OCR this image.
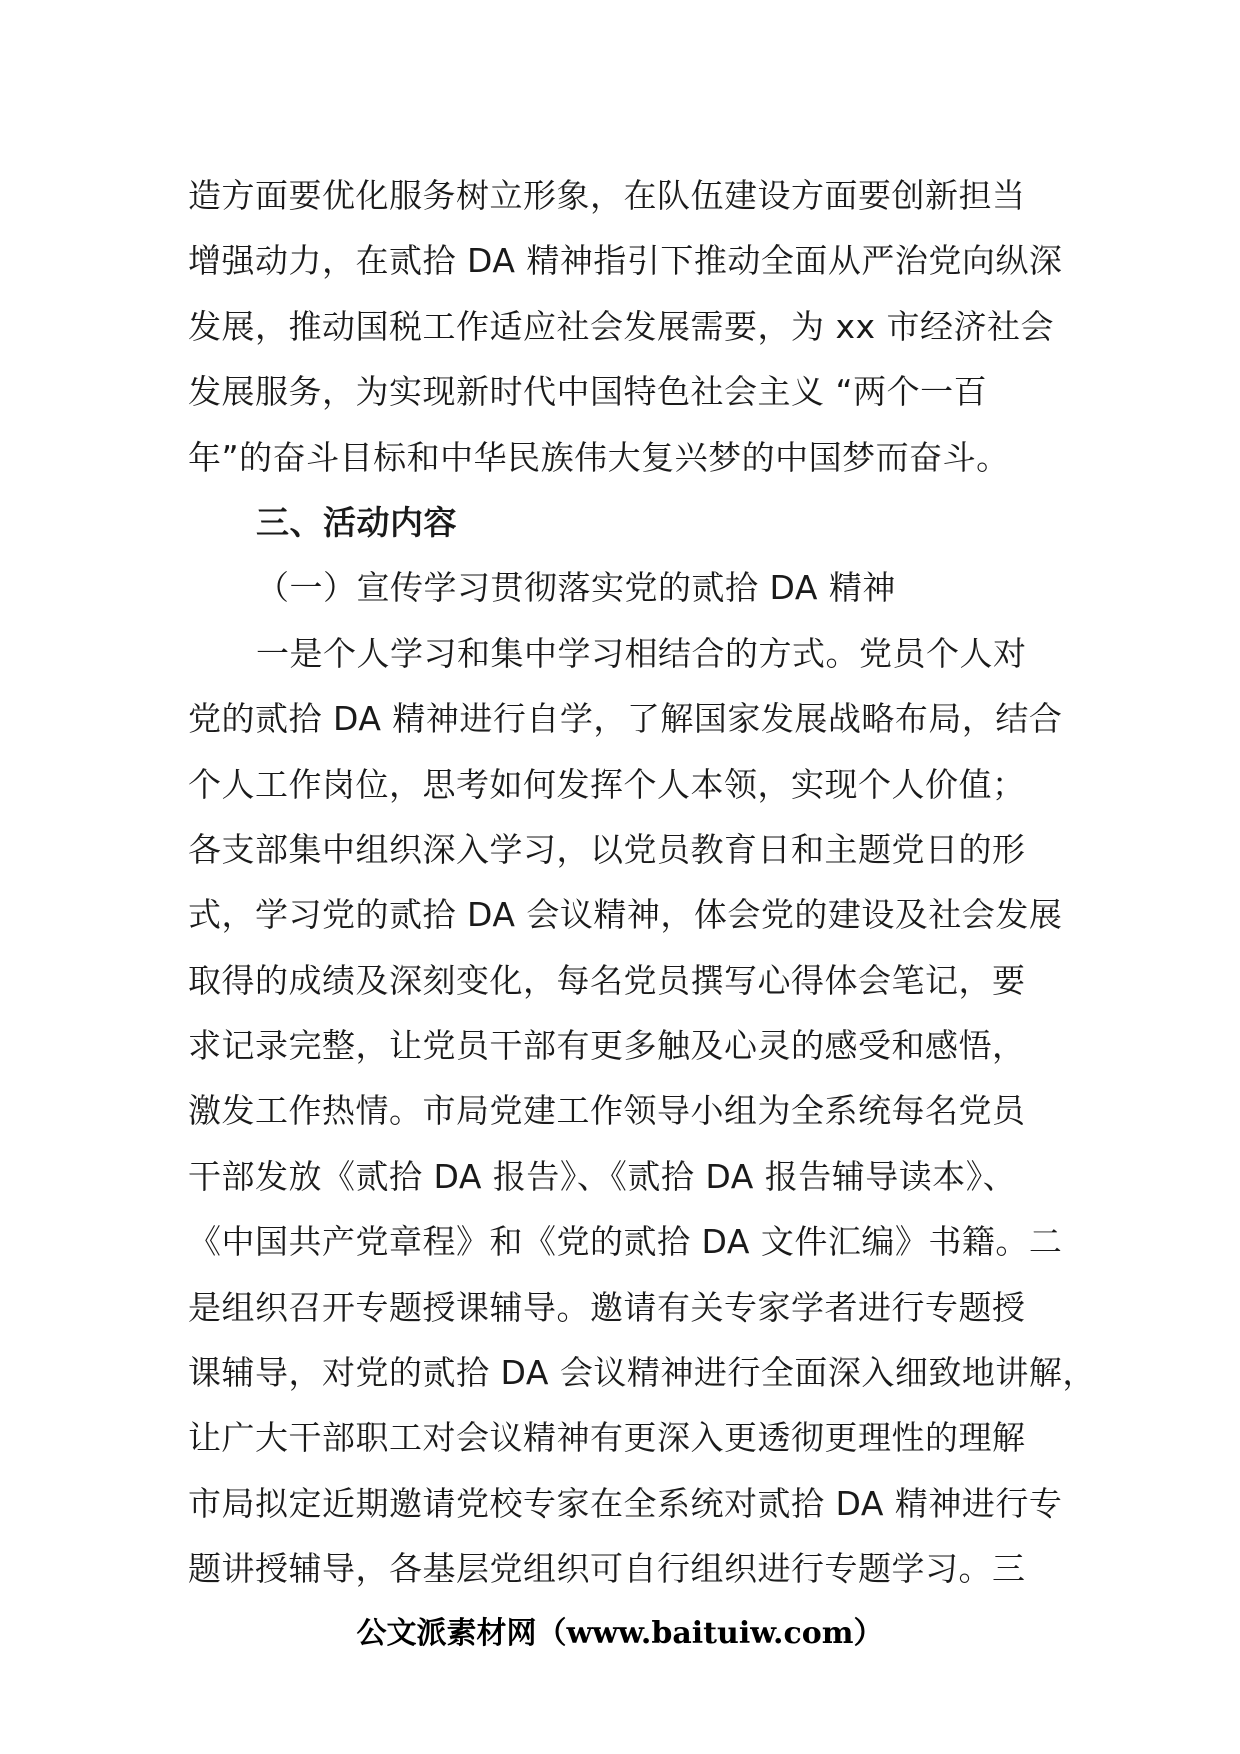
造方面要优化服务树立形象，在队伍建设方面要创新担当
增强动力，在贰拾 DA 精神指引下推动全面从严治党向纵深
发展，推动国税工作适应社会发展需要，为 xx 市经济社会
发展服务，为实现新时代中国特色社会主义 “两个一百
年”的奋斗目标和中华民族伟大复兴梦的中国梦而奋斗。
三、活动内容
（一）宣传学习贯彻落实党的贰拾 DA 精神
一是个人学习和集中学习相结合的方式。党员个人对
党的贰拾 DA 精神进行自学，了解国家发展战略布局，结合
个人工作岗位，思考如何发挥个人本领，实现个人价值；
各支部集中组织深入学习，以党员教育日和主题党日的形
式，学习党的贰拾 DA 会议精神，体会党的建设及社会发展
取得的成绩及深刻变化，每名党员撰写心得体会笔记，要
求记录完整，让党员干部有更多触及心灵的感受和感悟，
激发工作热情。市局党建工作领导小组为全系统每名党员
干部发放《贰拾 DA 报告》、《贰拾 DA 报告辅导读本》、
《中国共产党章程》和《党的贰拾 DA 文件汇编》书籍。二
是组织召开专题授课辅导。邀请有关专家学者进行专题授
课辅导，对党的贰拾 DA 会议精神进行全面深入细致地讲解，
让广大干部职工对会议精神有更深入更透彻更理性的理解
市局拟定近期邀请党校专家在全系统对贰拾 DA 精神进行专
题讲授辅导，各基层党组织可自行组织进行专题学习。三
公文派素材网（www.baituiw.com）
